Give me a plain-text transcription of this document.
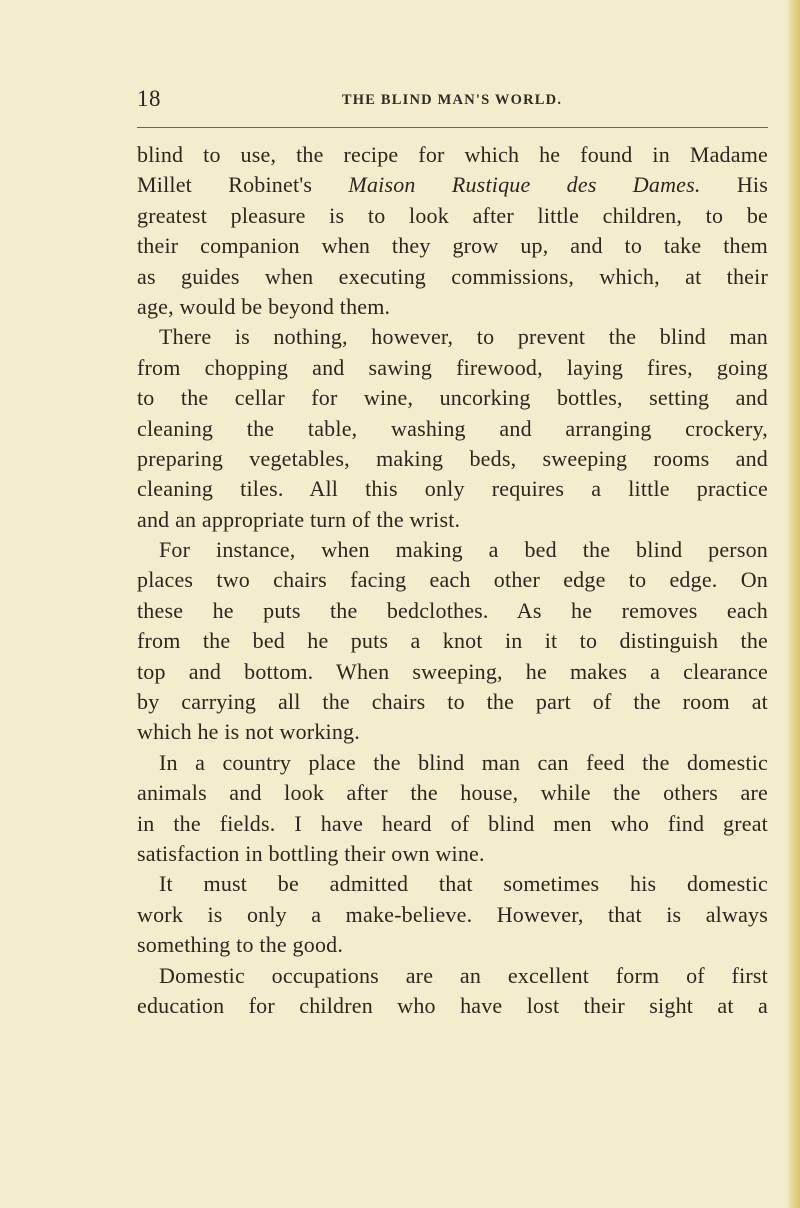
18	THE BLIND MAN'S WORLD.
blind to use, the recipe for which he found in Madame
Millet Robinet's Maison Rustique des Dames. His
greatest pleasure is to look after little children, to be
their companion when they grow up, and to take them
as guides when executing commissions, which, at their
age, would be beyond them.
There is nothing, however, to prevent the blind man
from chopping and sawing firewood, laying fires, going
to the cellar for wine, uncorking bottles, setting and
cleaning the table, washing and arranging crockery,
preparing vegetables, making beds, sweeping rooms and
cleaning tiles. All this only requires a little practice
and an appropriate turn of the wrist.
For instance, when making a bed the blind person
places two chairs facing each other edge to edge. On
these he puts the bedclothes. As he removes each
from the bed he puts a knot in it to distinguish the
top and bottom. When sweeping, he makes a clearance
by carrying all the chairs to the part of the room at
which he is not working.
In a country place the blind man can feed the domestic
animals and look after the house, while the others are
in the fields. I have heard of blind men who find great
satisfaction in bottling their own wine.
It must be admitted that sometimes his domestic
work is only a make-believe. However, that is always
something to the good.
Domestic occupations are an excellent form of first
education for children who have lost their sight at a
